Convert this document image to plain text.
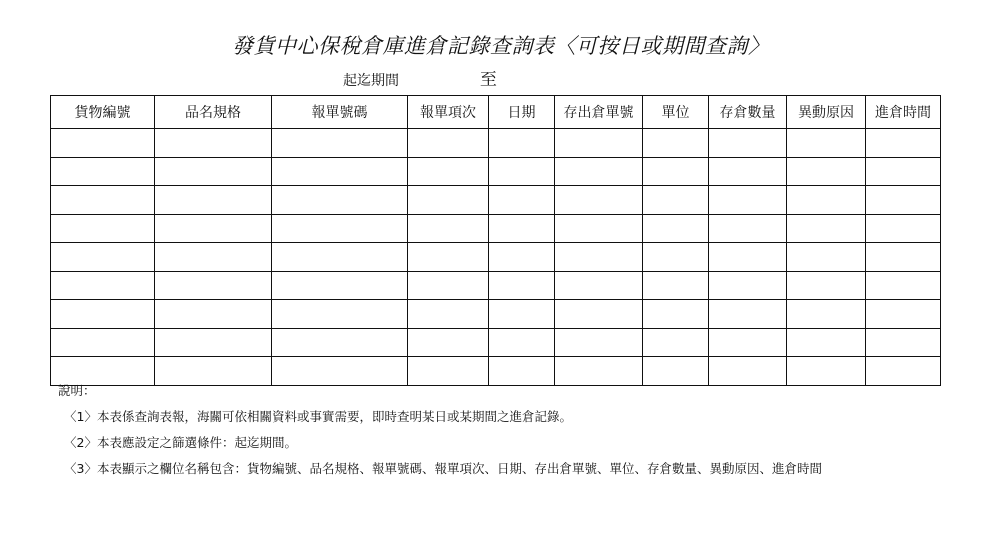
發貨中心保稅倉庫進倉記錄查詢表〈可按日或期間查詢〉
起迄期間	至
貨物編號	品名規格	報單號碼	報單項次	日期	存出倉單號	單位	存倉數量	異動原因	進倉時間

說明：
〈1〉本表係查詢表報，海關可依相關資料或事實需要，即時查明某日或某期間之進倉記錄。
〈2〉本表應設定之篩選條件：起迄期間。
〈3〉本表顯示之欄位名稱包含：貨物編號、品名規格、報單號碼、報單項次、日期、存出倉單號、單位、存倉數量、異動原因、進倉時間
